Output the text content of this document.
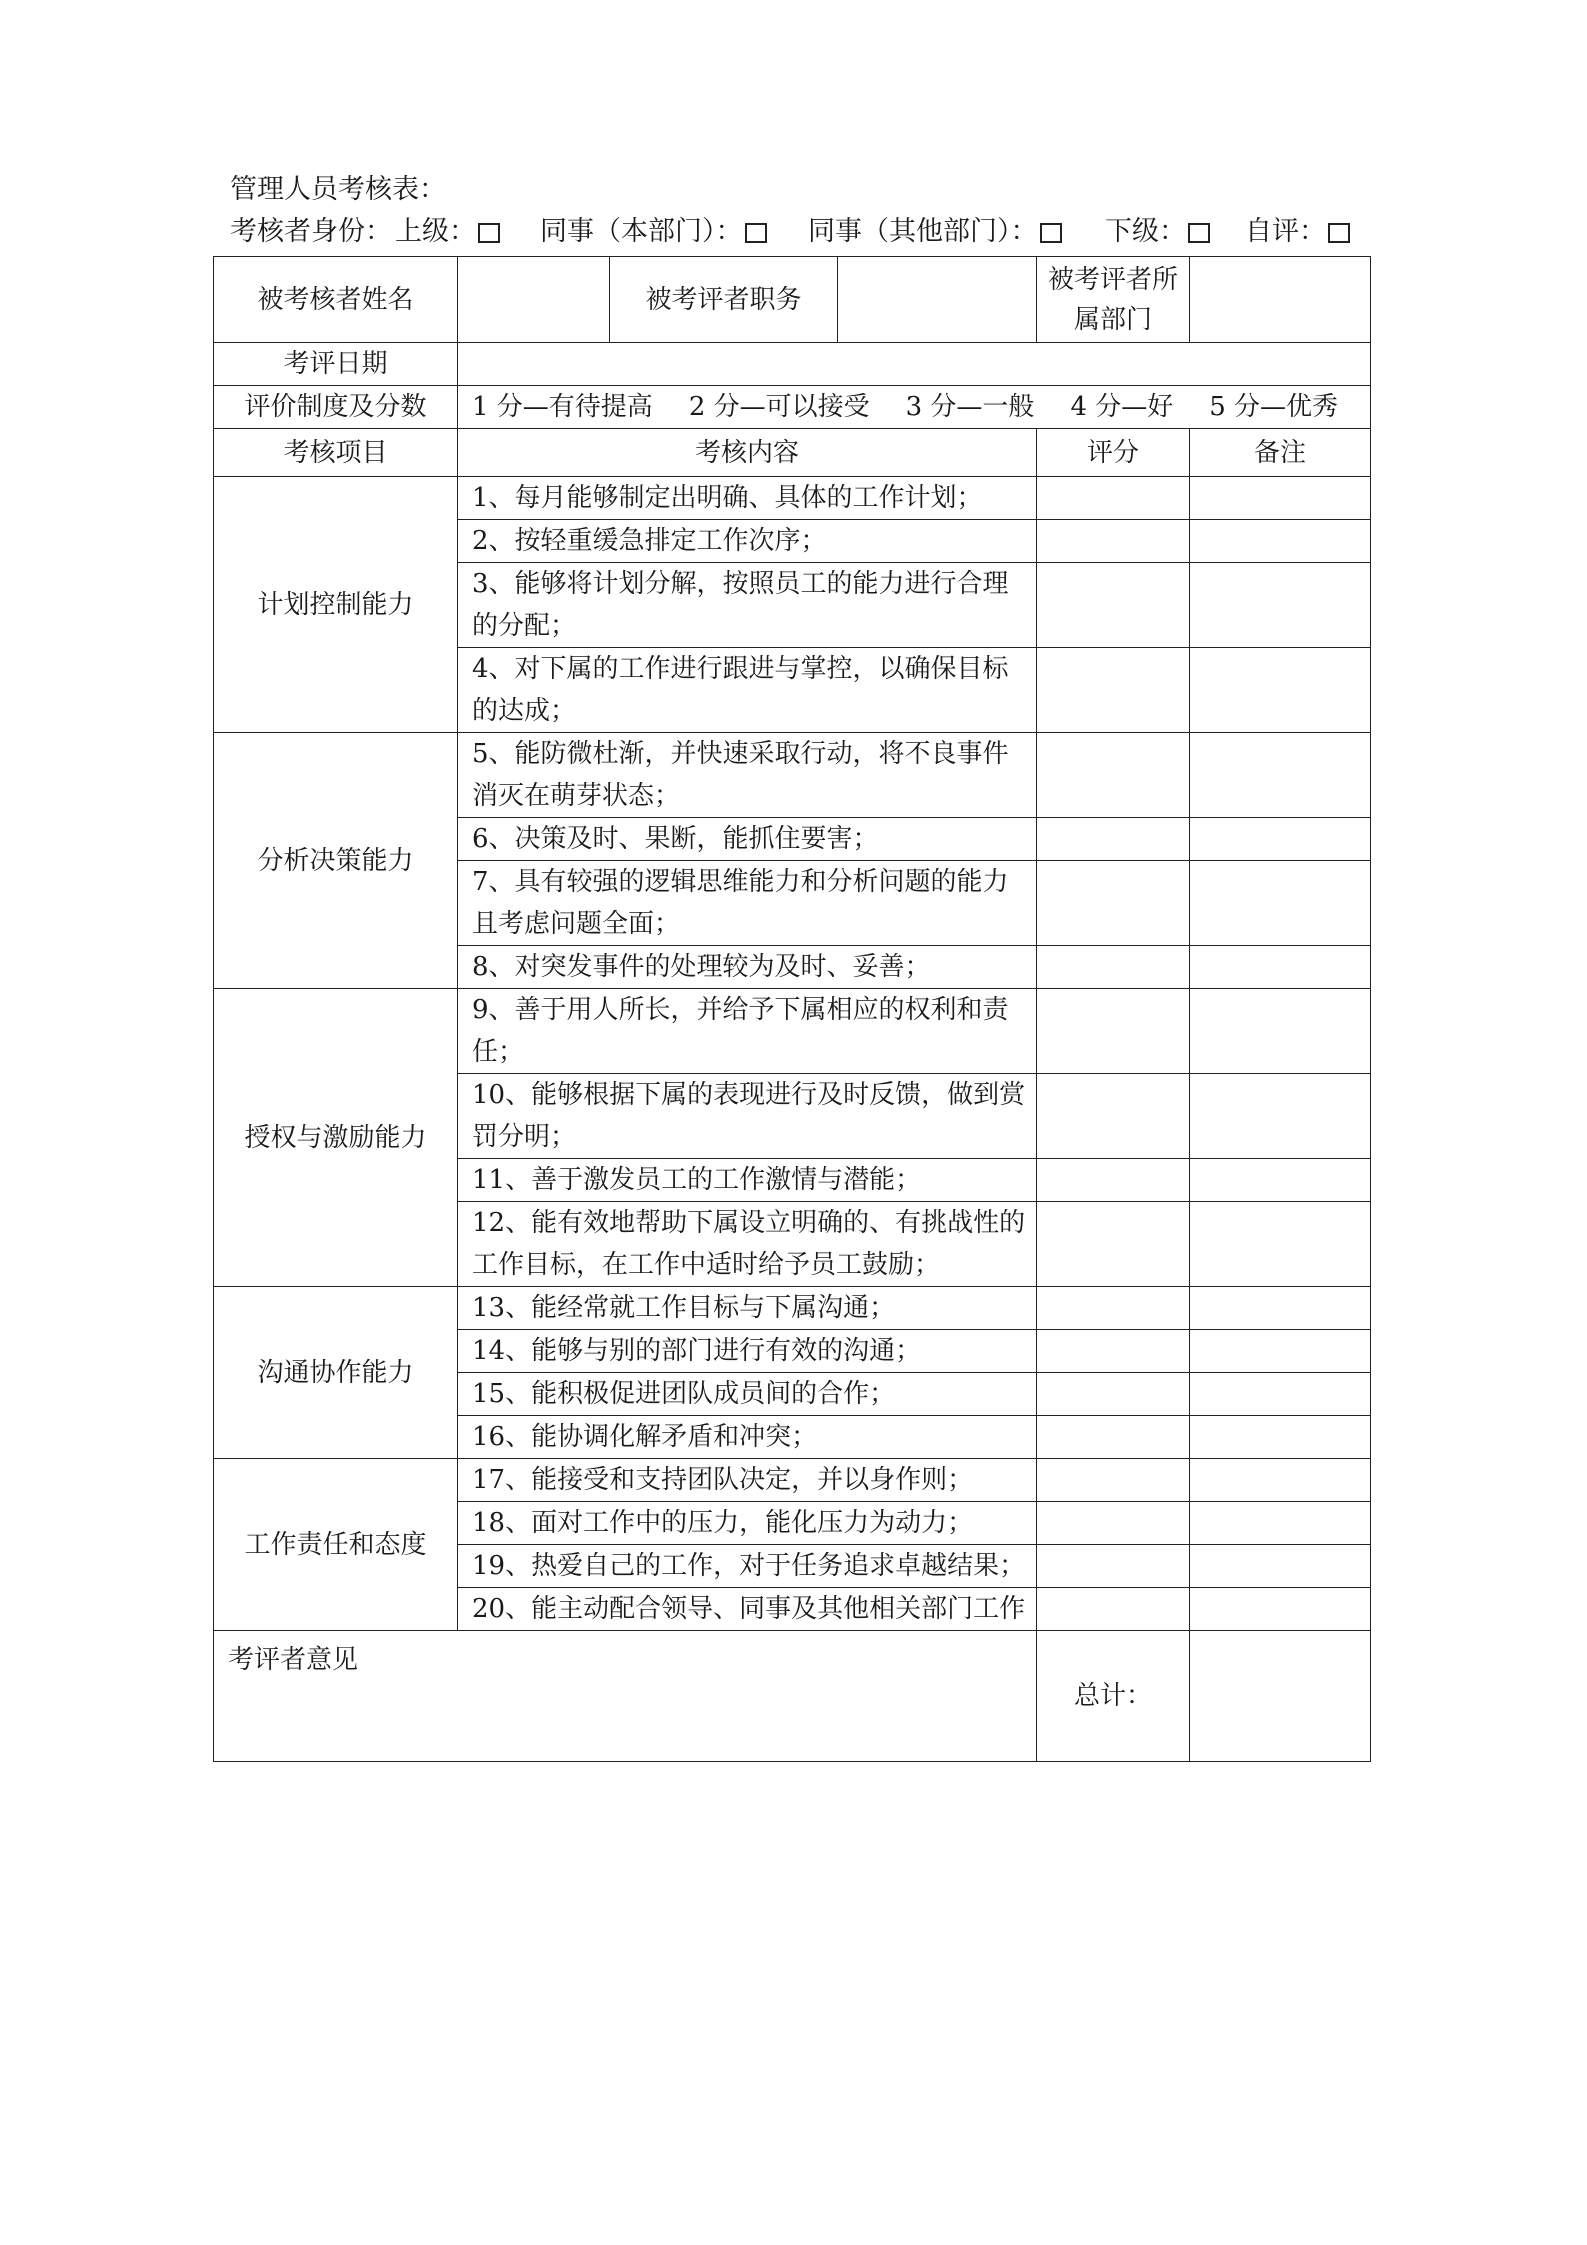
管理人员考核表：
考核者身份： 上级：	同事（本部门）：	同事（其他部门）：	下级：	自评：
被考核者姓名		被考评者职务		被考评者所属部门	
考评日期					
评价制度及分数	1 分—有待提高 2 分—可以接受 3 分—一般 4 分—好 5 分—优秀				
考核项目	考核内容			评分	备注
计划控制能力	1、每月能够制定出明确、具体的工作计划；				
	2、按轻重缓急排定工作次序；				
	3、能够将计划分解，按照员工的能力进行合理的分配；				
	4、对下属的工作进行跟进与掌控，以确保目标的达成；				
分析决策能力	5、能防微杜渐，并快速采取行动，将不良事件消灭在萌芽状态；				
	6、决策及时、果断，能抓住要害；				
	7、具有较强的逻辑思维能力和分析问题的能力且考虑问题全面；				
	8、对突发事件的处理较为及时、妥善；				
授权与激励能力	9、善于用人所长，并给予下属相应的权利和责任；				
	10、能够根据下属的表现进行及时反馈，做到赏罚分明；				
	11、善于激发员工的工作激情与潜能；				
	12、能有效地帮助下属设立明确的、有挑战性的工作目标，在工作中适时给予员工鼓励；				
沟通协作能力	13、能经常就工作目标与下属沟通；				
	14、能够与别的部门进行有效的沟通；				
	15、能积极促进团队成员间的合作；				
	16、能协调化解矛盾和冲突；				
工作责任和态度	17、能接受和支持团队决定，并以身作则；				
	18、面对工作中的压力，能化压力为动力；				
	19、热爱自己的工作，对于任务追求卓越结果；				
	20、能主动配合领导、同事及其他相关部门工作				
考评者意见				总计：	
